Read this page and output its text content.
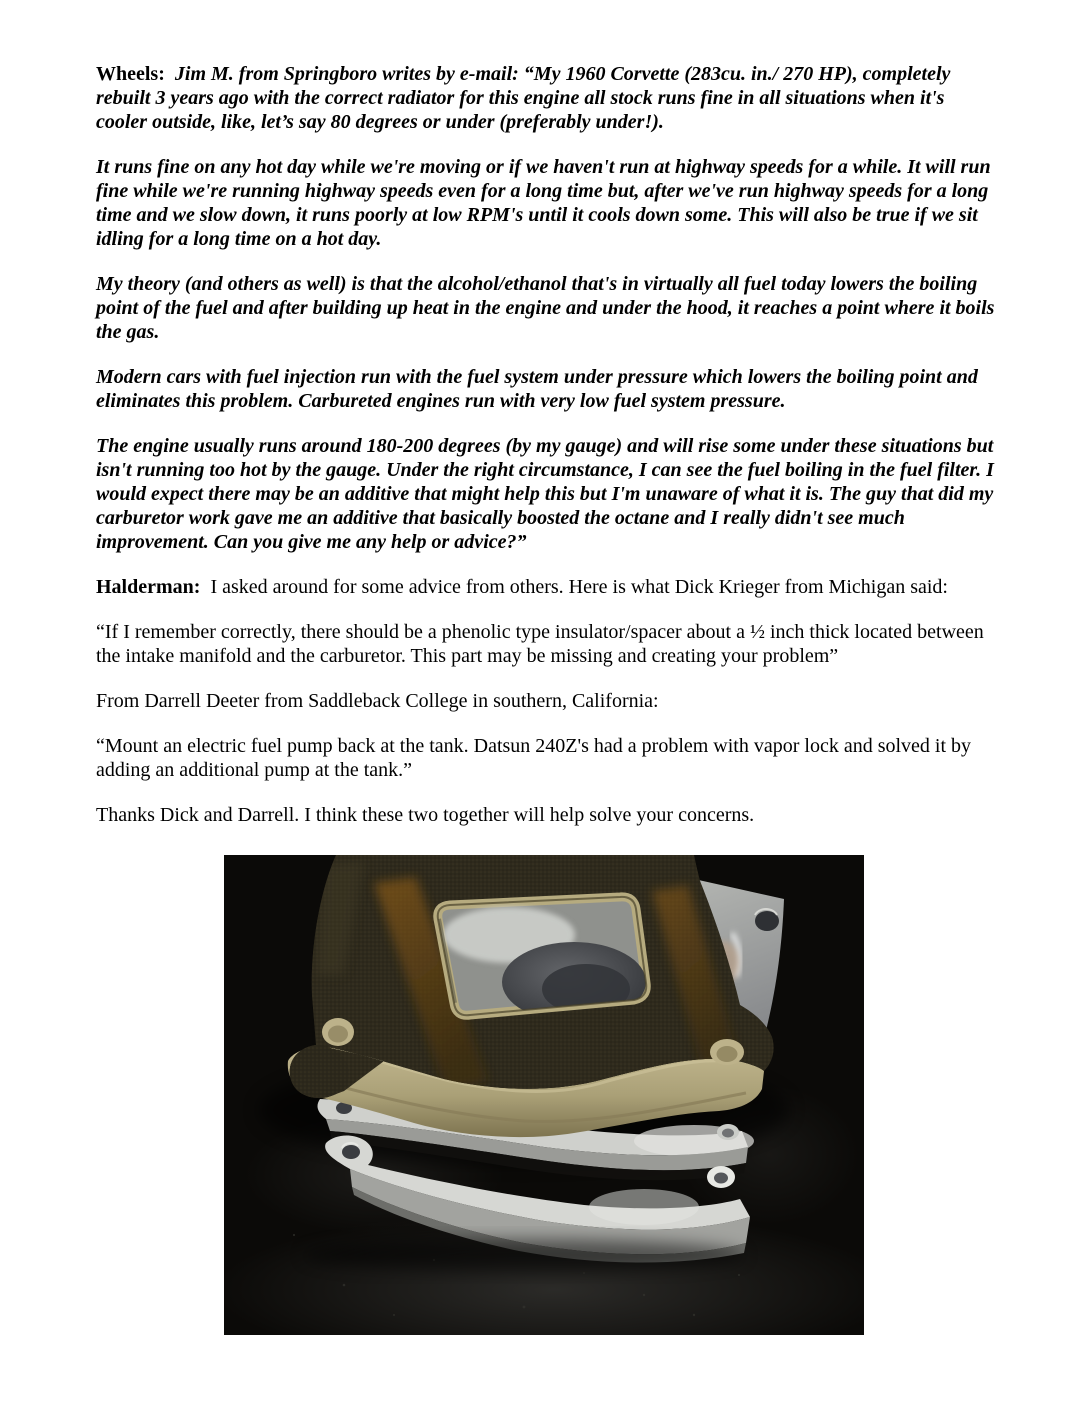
Wheels: Jim M. from Springboro writes by e-mail: “My 1960 Corvette (283cu. in./ 270 HP), completely rebuilt 3 years ago with the correct radiator for this engine all stock runs fine in all situations when it's cooler outside, like, let’s say 80 degrees or under (preferably under!).

It runs fine on any hot day while we're moving or if we haven't run at highway speeds for a while. It will run fine while we're running highway speeds even for a long time but, after we've run highway speeds for a long time and we slow down, it runs poorly at low RPM's until it cools down some. This will also be true if we sit idling for a long time on a hot day.

My theory (and others as well) is that the alcohol/ethanol that's in virtually all fuel today lowers the boiling point of the fuel and after building up heat in the engine and under the hood, it reaches a point where it boils the gas.

Modern cars with fuel injection run with the fuel system under pressure which lowers the boiling point and eliminates this problem. Carbureted engines run with very low fuel system pressure.

The engine usually runs around 180-200 degrees (by my gauge) and will rise some under these situations but isn't running too hot by the gauge. Under the right circumstance, I can see the fuel boiling in the fuel filter. I would expect there may be an additive that might help this but I'm unaware of what it is. The guy that did my carburetor work gave me an additive that basically boosted the octane and I really didn't see much improvement. Can you give me any help or advice?”

Halderman: I asked around for some advice from others. Here is what Dick Krieger from Michigan said:

“If I remember correctly, there should be a phenolic type insulator/spacer about a ½ inch thick located between the intake manifold and the carburetor. This part may be missing and creating your problem”

From Darrell Deeter from Saddleback College in southern, California:

“Mount an electric fuel pump back at the tank. Datsun 240Z's had a problem with vapor lock and solved it by adding an additional pump at the tank.”

Thanks Dick and Darrell. I think these two together will help solve your concerns.
